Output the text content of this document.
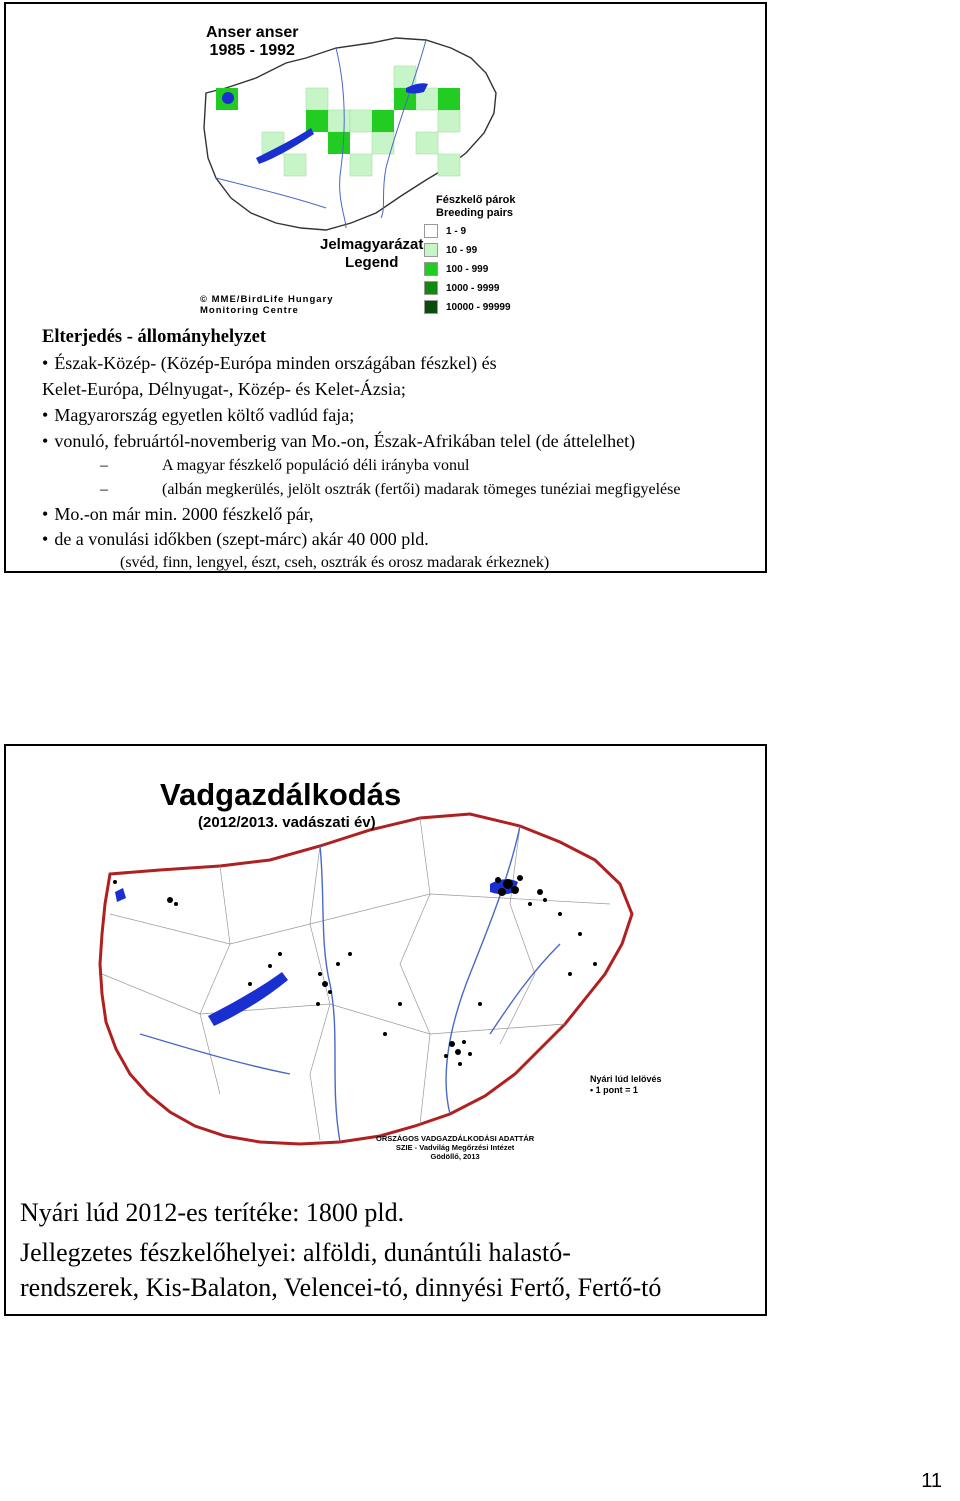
Anser anser
1985 - 1992
Fészkelő párok
Breeding pairs
Jelmagyarázat
Legend
1 - 9
10 - 99
100 - 999
1000 - 9999
10000 - 99999
© MME/BirdLife Hungary
Monitoring Centre
Elterjedés - állományhelyzet
• Észak-Közép- (Közép-Európa minden országában fészkel) és
Kelet-Európa, Délnyugat-, Közép- és Kelet-Ázsia;
• Magyarország egyetlen költő vadlúd faja;
• vonuló, februártól-novemberig van Mo.-on, Észak-Afrikában telel (de áttelelhet)
– A magyar fészkelő populáció déli irányba vonul
– (albán megkerülés, jelölt osztrák (fertői) madarak tömeges tunéziai megfigyelése
• Mo.-on már min. 2000 fészkelő pár,
• de a vonulási időkben (szept-márc) akár 40 000 pld.
(svéd, finn, lengyel, észt, cseh, osztrák és orosz madarak érkeznek)
Vadgazdálkodás
(2012/2013. vadászati év)
Nyári lúd lelövés
• 1 pont = 1
ORSZÁGOS VADGAZDÁLKODÁSI ADATTÁR
SZIE - Vadvilág Megőrzési Intézet
Gödöllő, 2013
Nyári lúd 2012-es terítéke: 1800 pld.
Jellegzetes fészkelőhelyei: alföldi, dunántúli halastó-
rendszerek, Kis-Balaton, Velencei-tó, dinnyési Fertő, Fertő-tó
11
